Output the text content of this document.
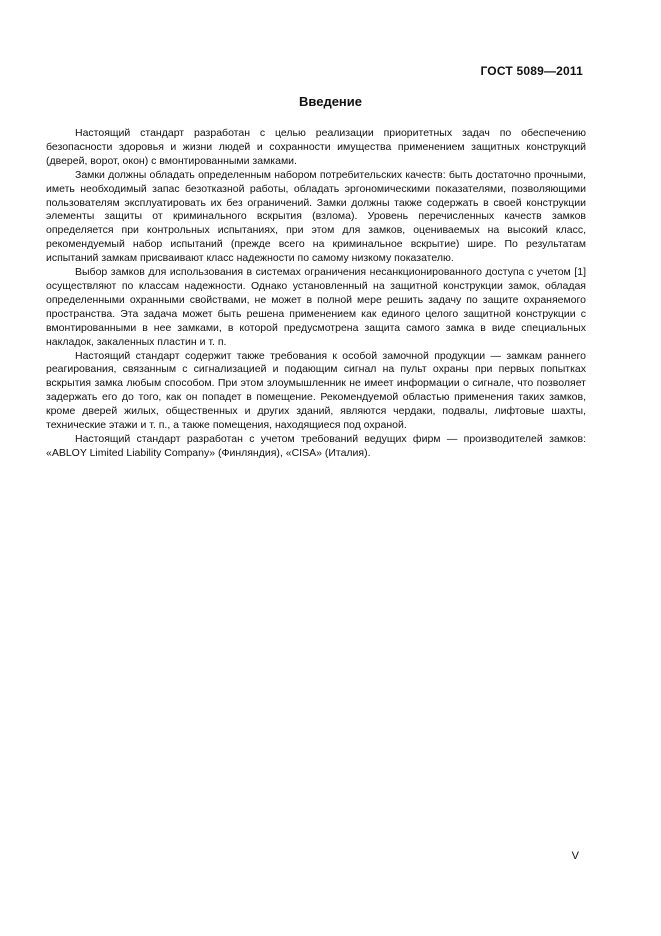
ГОСТ 5089—2011
Введение

Настоящий стандарт разработан с целью реализации приоритетных задач по обеспечению безопасности здоровья и жизни людей и сохранности имущества применением защитных конструкций (дверей, ворот, окон) с вмонтированными замками.

Замки должны обладать определенным набором потребительских качеств: быть достаточно прочными, иметь необходимый запас безотказной работы, обладать эргономическими показателями, позволяющими пользователям эксплуатировать их без ограничений. Замки должны также содержать в своей конструкции элементы защиты от криминального вскрытия (взлома). Уровень перечисленных качеств замков определяется при контрольных испытаниях, при этом для замков, оцениваемых на высокий класс, рекомендуемый набор испытаний (прежде всего на криминальное вскрытие) шире. По результатам испытаний замкам присваивают класс надежности по самому низкому показателю.

Выбор замков для использования в системах ограничения несанкционированного доступа с учетом [1] осуществляют по классам надежности. Однако установленный на защитной конструкции замок, обладая определенными охранными свойствами, не может в полной мере решить задачу по защите охраняемого пространства. Эта задача может быть решена применением как единого целого защитной конструкции с вмонтированными в нее замками, в которой предусмотрена защита самого замка в виде специальных накладок, закаленных пластин и т. п.

Настоящий стандарт содержит также требования к особой замочной продукции — замкам раннего реагирования, связанным с сигнализацией и подающим сигнал на пульт охраны при первых попытках вскрытия замка любым способом. При этом злоумышленник не имеет информации о сигнале, что позволяет задержать его до того, как он попадет в помещение. Рекомендуемой областью применения таких замков, кроме дверей жилых, общественных и других зданий, являются чердаки, подвалы, лифтовые шахты, технические этажи и т. п., а также помещения, находящиеся под охраной.

Настоящий стандарт разработан с учетом требований ведущих фирм — производителей замков: «ABLOY Limited Liability Company» (Финляндия), «CISA» (Италия).

V
